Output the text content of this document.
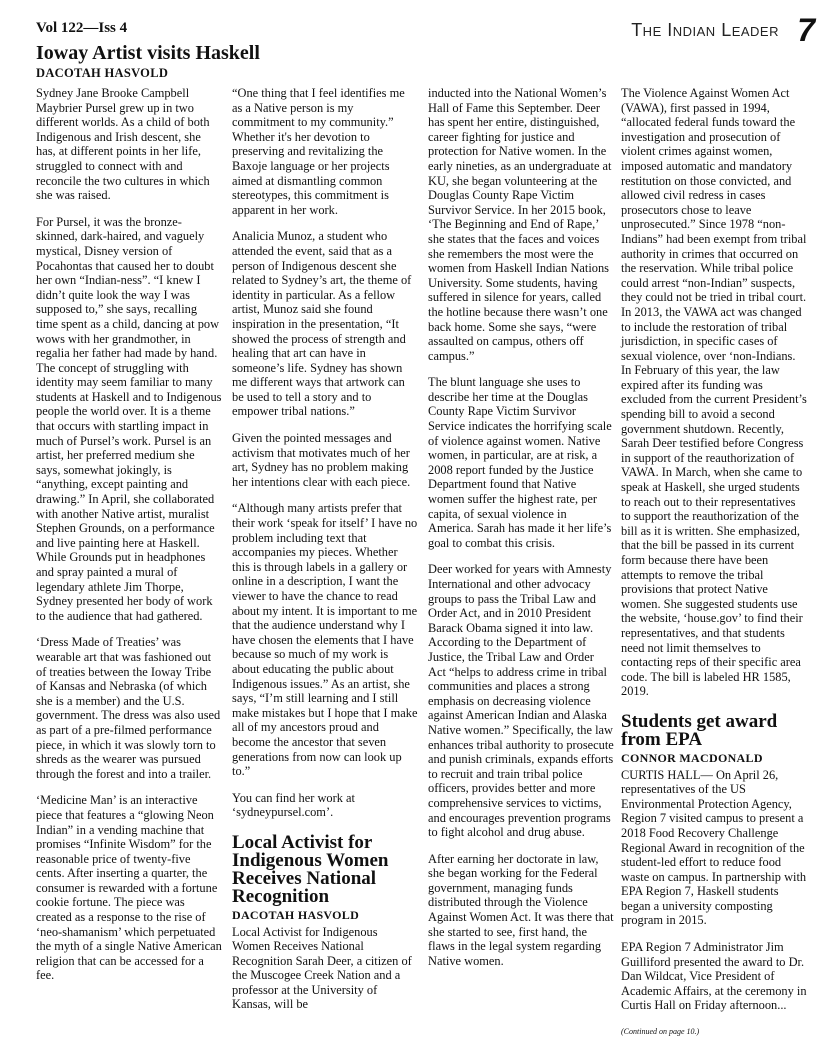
Vol 122—Iss 4	The Indian Leader 7
Ioway Artist visits Haskell
DACOTAH HASVOLD

Sydney Jane Brooke Campbell Maybrier Pursel grew up in two different worlds. As a child of both Indigenous and Irish descent, she has, at different points in her life, struggled to connect with and reconcile the two cultures in which she was raised.

For Pursel, it was the bronze-skinned, dark-haired, and vaguely mystical, Disney version of Pocahontas that caused her to doubt her own “Indian-ness”. “I knew I didn’t quite look the way I was supposed to,” she says, recalling time spent as a child, dancing at pow wows with her grandmother, in regalia her father had made by hand. The concept of struggling with identity may seem familiar to many students at Haskell and to Indigenous people the world over. It is a theme that occurs with startling impact in much of Pursel’s work. Pursel is an artist, her preferred medium she says, somewhat jokingly, is “anything, except painting and drawing.” In April, she collaborated with another Native artist, muralist Stephen Grounds, on a performance and live painting here at Haskell. While Grounds put in headphones and spray painted a mural of legendary athlete Jim Thorpe, Sydney presented her body of work to the audience that had gathered.

‘Dress Made of Treaties’ was wearable art that was fashioned out of treaties between the Ioway Tribe of Kansas and Nebraska (of which she is a member) and the U.S. government. The dress was also used as part of a pre-filmed performance piece, in which it was slowly torn to shreds as the wearer was pursued through the forest and into a trailer.

‘Medicine Man’ is an interactive piece that features a “glowing Neon Indian” in a vending machine that promises “Infinite Wisdom” for the reasonable price of twenty-five cents. After inserting a quarter, the consumer is rewarded with a fortune cookie fortune. The piece was created as a response to the rise of ‘neo-shamanism’ which perpetuated the myth of a single Native American religion that can be accessed for a fee.

“One thing that I feel identifies me as a Native person is my commitment to my community.” Whether it's her devotion to preserving and revitalizing the Baxoje language or her projects aimed at dismantling common stereotypes, this commitment is apparent in her work.

Analicia Munoz, a student who attended the event, said that as a person of Indigenous descent she related to Sydney’s art, the theme of identity in particular. As a fellow artist, Munoz said she found inspiration in the presentation, “It showed the process of strength and healing that art can have in someone’s life. Sydney has shown me different ways that artwork can be used to tell a story and to empower tribal nations.”

Given the pointed messages and activism that motivates much of her art, Sydney has no problem making her intentions clear with each piece.

“Although many artists prefer that their work ‘speak for itself’ I have no problem including text that accompanies my pieces. Whether this is through labels in a gallery or online in a description, I want the viewer to have the chance to read about my intent. It is important to me that the audience understand why I have chosen the elements that I have because so much of my work is about educating the public about Indigenous issues.” As an artist, she says, “I’m still learning and I still make mistakes but I hope that I make all of my ancestors proud and become the ancestor that seven generations from now can look up to.”

You can find her work at ‘sydneypursel.com’.

Local Activist for Indigenous Women Receives National Recognition
DACOTAH HASVOLD

Local Activist for Indigenous Women Receives National Recognition Sarah Deer, a citizen of the Muscogee Creek Nation and a professor at the University of Kansas, will be

inducted into the National Women’s Hall of Fame this September. Deer has spent her entire, distinguished, career fighting for justice and protection for Native women. In the early nineties, as an undergraduate at KU, she began volunteering at the Douglas County Rape Victim Survivor Service. In her 2015 book, ‘The Beginning and End of Rape,’ she states that the faces and voices she remembers the most were the women from Haskell Indian Nations University. Some students, having suffered in silence for years, called the hotline because there wasn’t one back home. Some she says, “were assaulted on campus, others off campus.”

The blunt language she uses to describe her time at the Douglas County Rape Victim Survivor Service indicates the horrifying scale of violence against women. Native women, in particular, are at risk, a 2008 report funded by the Justice Department found that Native women suffer the highest rate, per capita, of sexual violence in America. Sarah has made it her life’s goal to combat this crisis.

Deer worked for years with Amnesty International and other advocacy groups to pass the Tribal Law and Order Act, and in 2010 President Barack Obama signed it into law. According to the Department of Justice, the Tribal Law and Order Act “helps to address crime in tribal communities and places a strong emphasis on decreasing violence against American Indian and Alaska Native women.” Specifically, the law enhances tribal authority to prosecute and punish criminals, expands efforts to recruit and train tribal police officers, provides better and more comprehensive services to victims, and encourages prevention programs to fight alcohol and drug abuse.

After earning her doctorate in law, she began working for the Federal government, managing funds distributed through the Violence Against Women Act. It was there that she started to see, first hand, the flaws in the legal system regarding Native women.

The Violence Against Women Act (VAWA), first passed in 1994, “allocated federal funds toward the investigation and prosecution of violent crimes against women, imposed automatic and mandatory restitution on those convicted, and allowed civil redress in cases prosecutors chose to leave unprosecuted.” Since 1978 “non-Indians” had been exempt from tribal authority in crimes that occurred on the reservation. While tribal police could arrest “non-Indian” suspects, they could not be tried in tribal court. In 2013, the VAWA act was changed to include the restoration of tribal jurisdiction, in specific cases of sexual violence, over ‘non-Indians. In February of this year, the law expired after its funding was excluded from the current President’s spending bill to avoid a second government shutdown. Recently, Sarah Deer testified before Congress in support of the reauthorization of VAWA. In March, when she came to speak at Haskell, she urged students to reach out to their representatives to support the reauthorization of the bill as it is written. She emphasized, that the bill be passed in its current form because there have been attempts to remove the tribal provisions that protect Native women. She suggested students use the website, ‘house.gov’ to find their representatives, and that students need not limit themselves to contacting reps of their specific area code. The bill is labeled HR 1585, 2019.

Students get award from EPA
CONNOR MACDONALD

CURTIS HALL— On April 26, representatives of the US Environmental Protection Agency, Region 7 visited campus to present a 2018 Food Recovery Challenge Regional Award in recognition of the student-led effort to reduce food waste on campus. In partnership with EPA Region 7, Haskell students began a university composting program in 2015.

EPA Region 7 Administrator Jim Guilliford presented the award to Dr. Dan Wildcat, Vice President of Academic Affairs, at the ceremony in Curtis Hall on Friday afternoon...

(Continued on page 10.)
